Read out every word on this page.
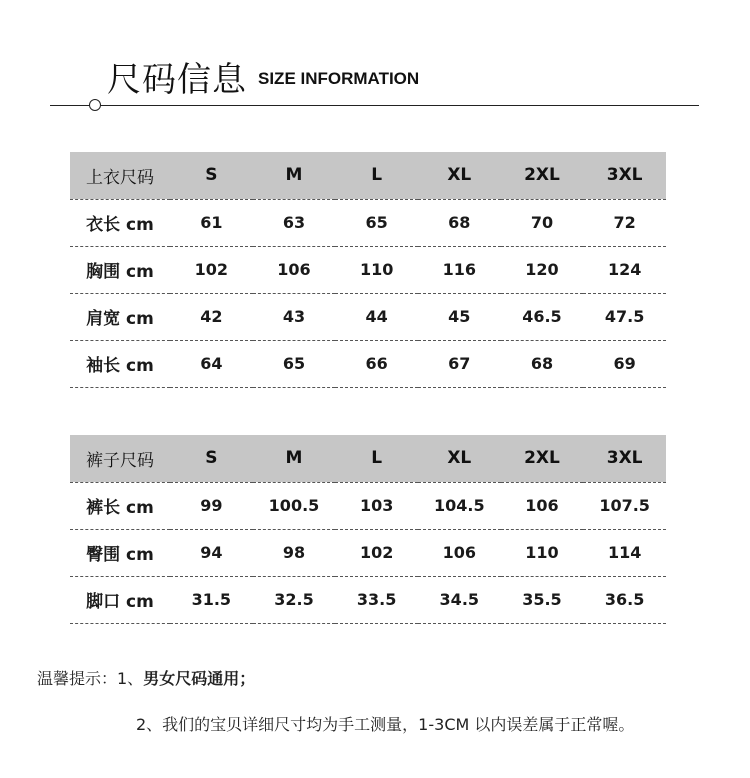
尺码信息 SIZE INFORMATION
上衣尺码	S	M	L	XL	2XL	3XL
衣长 cm	61	63	65	68	70	72
胸围 cm	102	106	110	116	120	124
肩宽 cm	42	43	44	45	46.5	47.5
袖长 cm	64	65	66	67	68	69
裤子尺码	S	M	L	XL	2XL	3XL
裤长 cm	99	100.5	103	104.5	106	107.5
臀围 cm	94	98	102	106	110	114
脚口 cm	31.5	32.5	33.5	34.5	35.5	36.5
温馨提示：1、男女尺码通用；
2、我们的宝贝详细尺寸均为手工测量，1-3CM 以内误差属于正常喔。
